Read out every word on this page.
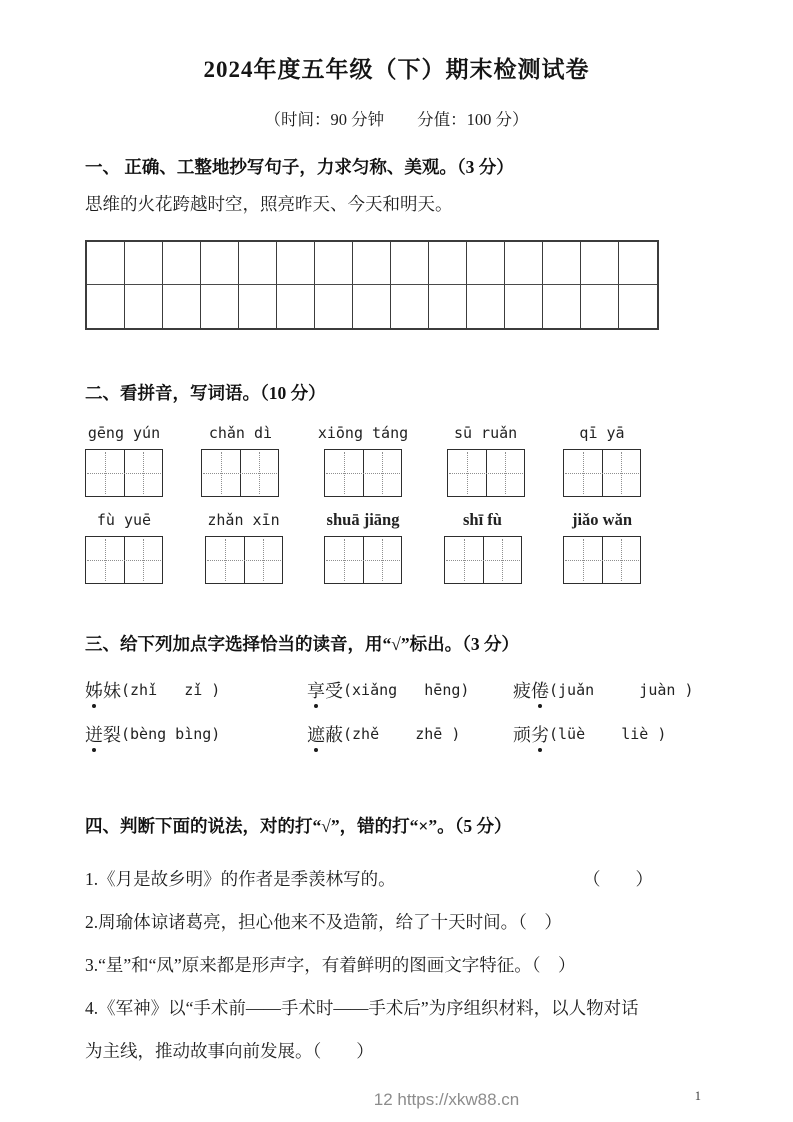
2024年度五年级（下）期末检测试卷
（时间：90 分钟　　分值：100 分）
一、 正确、工整地抄写句子，力求匀称、美观。（3 分）

思维的火花跨越时空，照亮昨天、今天和明天。

二、看拼音，写词语。（10 分）
gēng yún	chǎn dì	xiōng táng	sū ruǎn	qī yā
fù yuē	zhǎn xīn	shuā jiāng	shī fù	jiǎo wǎn
三、给下列加点字选择恰当的读音，用“√”标出。（3 分）
姊妹 (zhǐ   zǐ )	享受 (xiǎng   hēng) 疲倦 (juǎn     juàn )
迸裂 (bèng bìng)	遮蔽 (zhě    zhē )	顽劣 (lüè    liè )
四、判断下面的说法，对的打“√”，错的打“×”。（5 分）
1.《月是故乡明》的作者是季羡林写的。	（　　）
2.周瑜体谅诸葛亮，担心他来不及造箭，给了十天时间。（　）
3.“星”和“凤”原来都是形声字，有着鲜明的图画文字特征。（　）
4.《军神》以“手术前——手术时——手术后”为序组织材料，以人物对话
为主线，推动故事向前发展。（　　）
12 https://xkw88.cn	1
